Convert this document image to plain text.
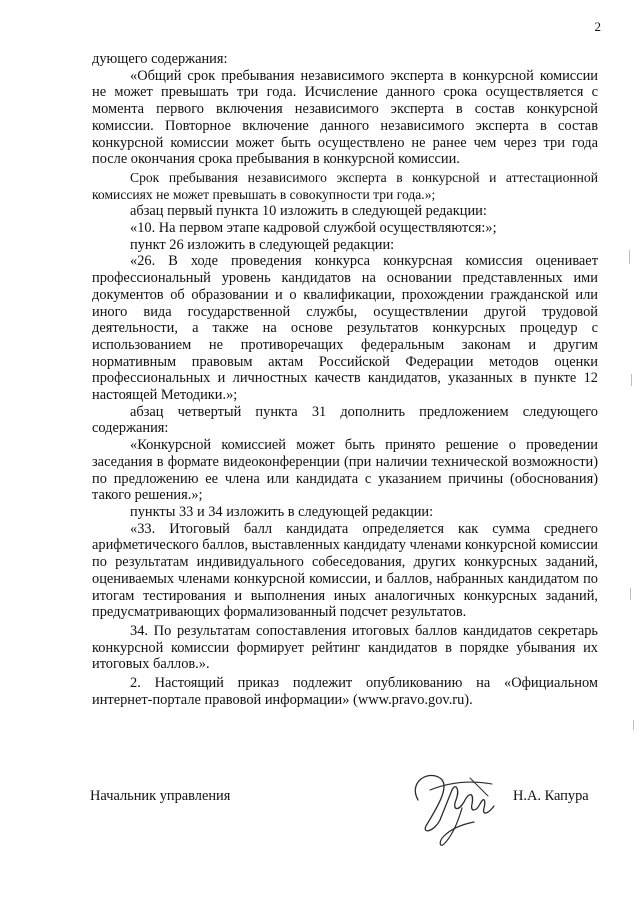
2

дующего содержания:

«Общий срок пребывания независимого эксперта в конкурсной комиссии не может превышать три года. Исчисление данного срока осуществляется с момента первого включения независимого эксперта в состав конкурсной комиссии. Повторное включение данного независимого эксперта в состав конкурсной комиссии может быть осуществлено не ранее чем через три года после окончания срока пребывания в конкурсной комиссии.

Срок пребывания независимого эксперта в конкурсной и аттестационной комиссиях не может превышать в совокупности три года.»;

абзац первый пункта 10 изложить в следующей редакции:

«10. На первом этапе кадровой службой осуществляются:»;

пункт 26 изложить в следующей редакции:

«26. В ходе проведения конкурса конкурсная комиссия оценивает профессиональный уровень кандидатов на основании представленных ими документов об образовании и о квалификации, прохождении гражданской или иного вида государственной службы, осуществлении другой трудовой деятельности, а также на основе результатов конкурсных процедур с использованием не противоречащих федеральным законам и другим нормативным правовым актам Российской Федерации методов оценки профессиональных и личностных качеств кандидатов, указанных в пункте 12 настоящей Методики.»;

абзац четвертый пункта 31 дополнить предложением следующего содержания:

«Конкурсной комиссией может быть принято решение о проведении заседания в формате видеоконференции (при наличии технической возможности) по предложению ее члена или кандидата с указанием причины (обоснования) такого решения.»;

пункты 33 и 34 изложить в следующей редакции:

«33. Итоговый балл кандидата определяется как сумма среднего арифметического баллов, выставленных кандидату членами конкурсной комиссии по результатам индивидуального собеседования, других конкурсных заданий, оцениваемых членами конкурсной комиссии, и баллов, набранных кандидатом по итогам тестирования и выполнения иных аналогичных конкурсных заданий, предусматривающих формализованный подсчет результатов.

34. По результатам сопоставления итоговых баллов кандидатов секретарь конкурсной комиссии формирует рейтинг кандидатов в порядке убывания их итоговых баллов.».

2. Настоящий приказ подлежит опубликованию на «Официальном интернет-портале правовой информации» (www.pravo.gov.ru).

Начальник управления	Н.А. Капура
